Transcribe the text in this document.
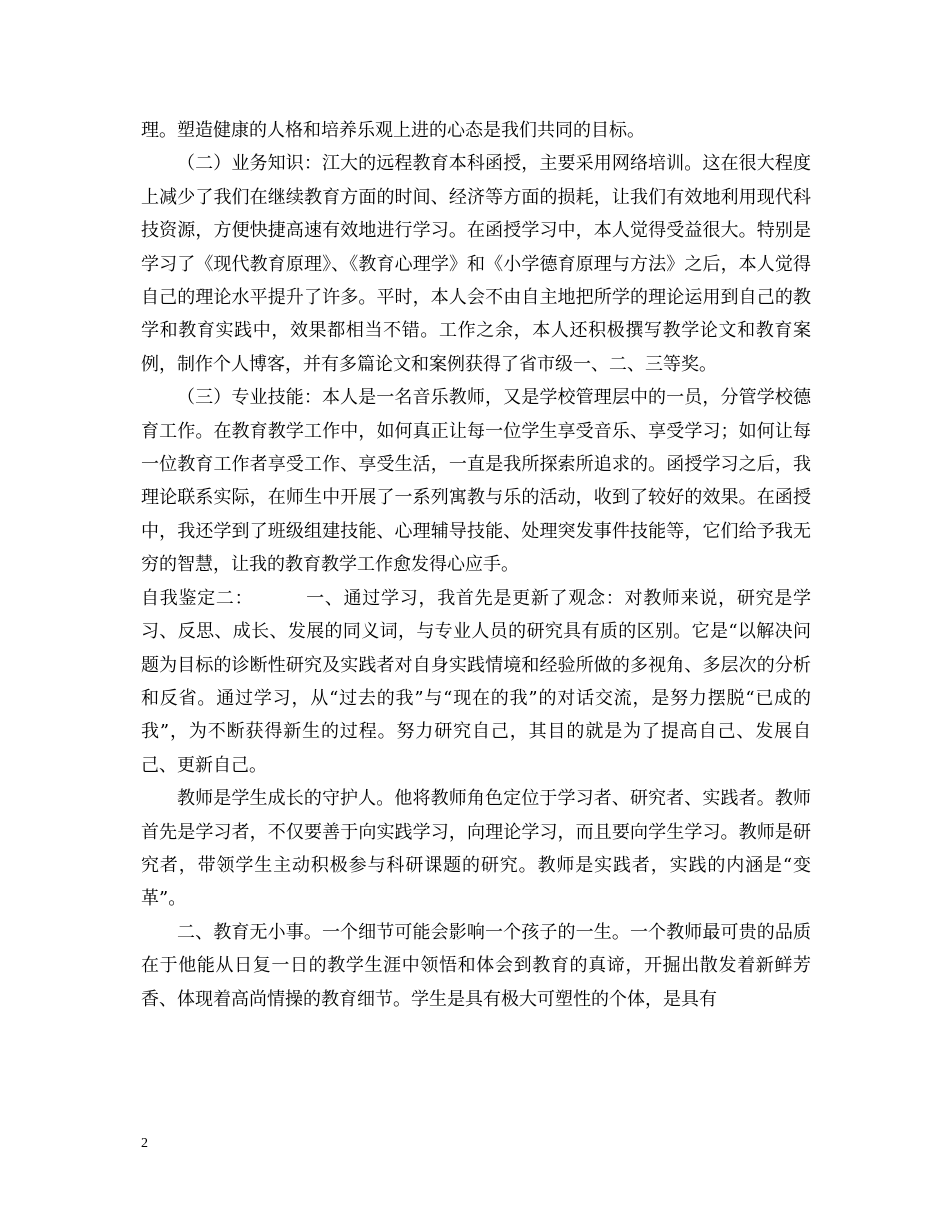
理。塑造健康的人格和培养乐观上进的心态是我们共同的目标。

（二）业务知识：江大的远程教育本科函授，主要采用网络培训。这在很大程度上减少了我们在继续教育方面的时间、经济等方面的损耗，让我们有效地利用现代科技资源，方便快捷高速有效地进行学习。在函授学习中，本人觉得受益很大。特别是学习了《现代教育原理》、《教育心理学》和《小学德育原理与方法》之后，本人觉得自己的理论水平提升了许多。平时，本人会不由自主地把所学的理论运用到自己的教学和教育实践中，效果都相当不错。工作之余，本人还积极撰写教学论文和教育案例，制作个人博客，并有多篇论文和案例获得了省市级一、二、三等奖。

（三）专业技能：本人是一名音乐教师，又是学校管理层中的一员，分管学校德育工作。在教育教学工作中，如何真正让每一位学生享受音乐、享受学习；如何让每一位教育工作者享受工作、享受生活，一直是我所探索所追求的。函授学习之后，我理论联系实际，在师生中开展了一系列寓教与乐的活动，收到了较好的效果。在函授中，我还学到了班级组建技能、心理辅导技能、处理突发事件技能等，它们给予我无穷的智慧，让我的教育教学工作愈发得心应手。

自我鉴定二：	一、通过学习，我首先是更新了观念：对教师来说，研究是学习、反思、成长、发展的同义词，与专业人员的研究具有质的区别。它是“以解决问题为目标的诊断性研究及实践者对自身实践情境和经验所做的多视角、多层次的分析和反省。通过学习，从“过去的我”与“现在的我”的对话交流，是努力摆脱“已成的我”，为不断获得新生的过程。努力研究自己，其目的就是为了提高自己、发展自己、更新自己。

教师是学生成长的守护人。他将教师角色定位于学习者、研究者、实践者。教师首先是学习者，不仅要善于向实践学习，向理论学习，而且要向学生学习。教师是研究者，带领学生主动积极参与科研课题的研究。教师是实践者，实践的内涵是“变革”。

二、教育无小事。一个细节可能会影响一个孩子的一生。一个教师最可贵的品质在于他能从日复一日的教学生涯中领悟和体会到教育的真谛，开掘出散发着新鲜芳香、体现着高尚情操的教育细节。学生是具有极大可塑性的个体，是具有

2
